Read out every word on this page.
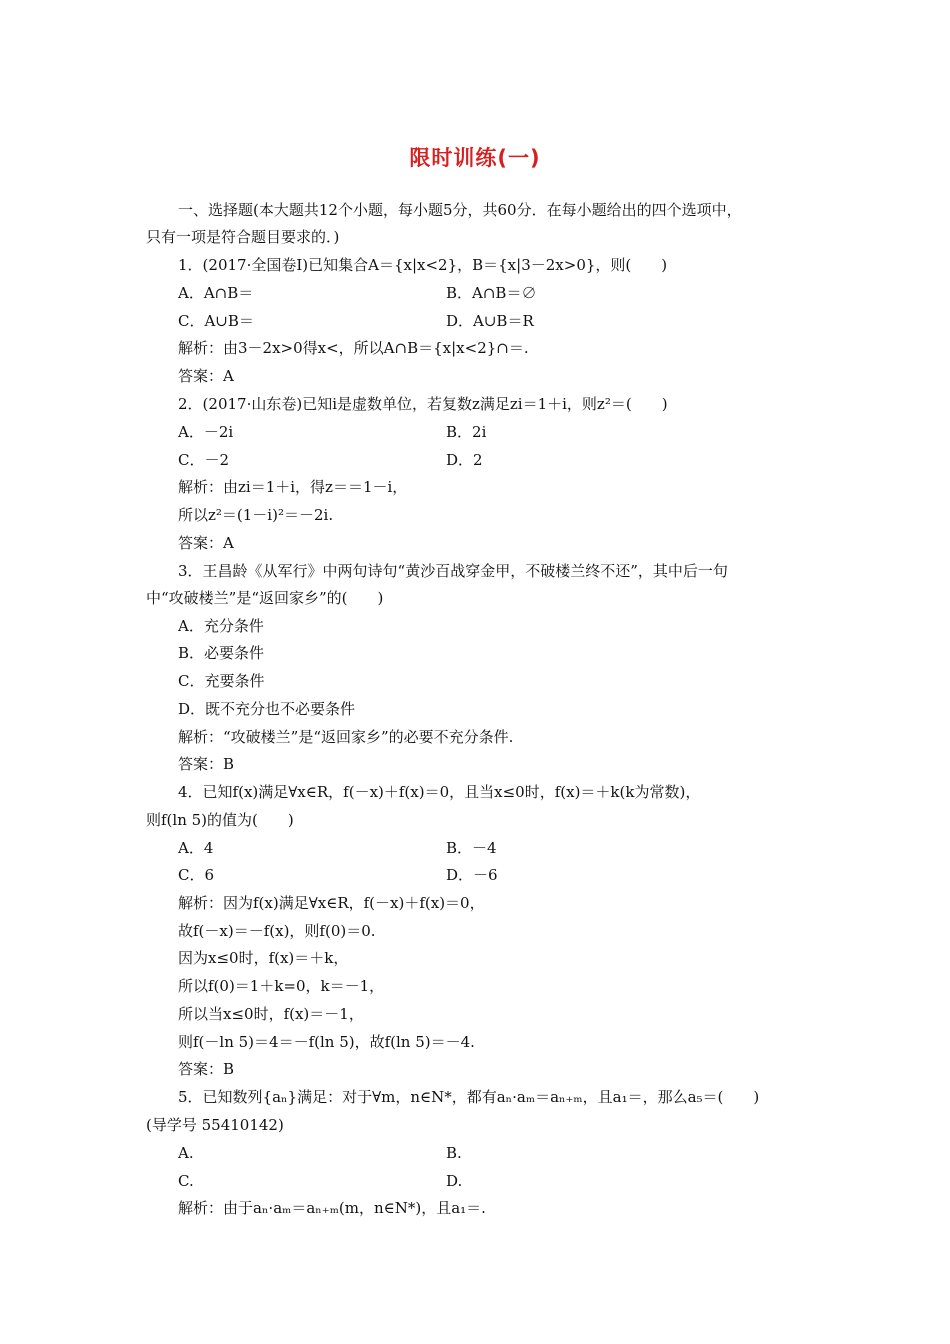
限时训练(一)
一、选择题(本大题共12个小题，每小题5分，共60分．在每小题给出的四个选项中，
只有一项是符合题目要求的．)
1．(2017·全国卷Ⅰ)已知集合A＝{x|x<2}，B＝{x|3－2x>0}，则(　　)
A．A∩B＝	B．A∩B＝∅
C．A∪B＝	D．A∪B＝R
解析：由3－2x>0得x<，所以A∩B＝{x|x<2}∩＝.
答案：A
2．(2017·山东卷)已知i是虚数单位，若复数z满足zi＝1＋i，则z²＝(　　)
A．－2i	B．2i
C．－2	D．2
解析：由zi＝1＋i，得z＝＝1－i，
所以z²＝(1－i)²＝－2i.
答案：A
3．王昌龄《从军行》中两句诗句“黄沙百战穿金甲，不破楼兰终不还”，其中后一句
中“攻破楼兰”是“返回家乡”的(　　)
A．充分条件
B．必要条件
C．充要条件
D．既不充分也不必要条件
解析：“攻破楼兰”是“返回家乡”的必要不充分条件.
答案：B
4．已知f(x)满足∀x∈R，f(－x)＋f(x)＝0，且当x≤0时，f(x)＝＋k(k为常数)，
则f(ln 5)的值为(　　)
A．4	B．－4
C．6	D．－6
解析：因为f(x)满足∀x∈R，f(－x)＋f(x)＝0，
故f(－x)＝－f(x)，则f(0)＝0.
因为x≤0时，f(x)＝＋k，
所以f(0)＝1＋k=0，k＝－1，
所以当x≤0时，f(x)＝－1，
则f(－ln 5)＝4＝－f(ln 5)，故f(ln 5)＝－4.
答案：B
5．已知数列{aₙ}满足：对于∀m，n∈N*，都有aₙ·aₘ＝aₙ₊ₘ，且a₁＝，那么a₅＝(　　)
(导学号 55410142)
A.	B.
C.	D.
解析：由于aₙ·aₘ＝aₙ₊ₘ(m，n∈N*)，且a₁＝.
